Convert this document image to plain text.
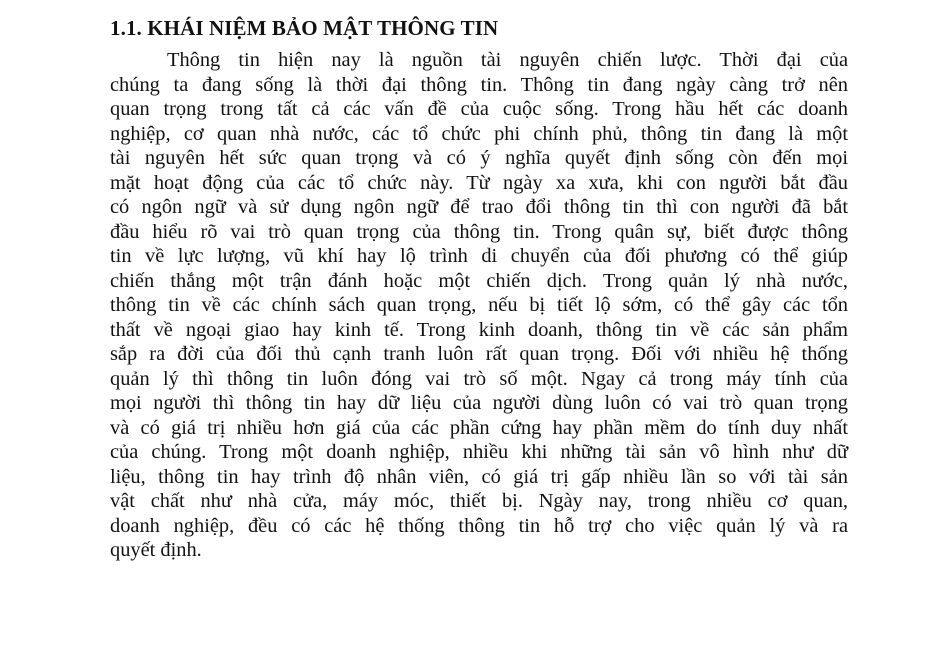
1.1. KHÁI NIỆM BẢO MẬT THÔNG TIN
Thông tin hiện nay là nguồn tài nguyên chiến lược. Thời đại của
chúng ta đang sống là thời đại thông tin. Thông tin đang ngày càng trở nên
quan trọng trong tất cả các vấn đề của cuộc sống. Trong hầu hết các doanh
nghiệp, cơ quan nhà nước, các tổ chức phi chính phủ, thông tin đang là một
tài nguyên hết sức quan trọng và có ý nghĩa quyết định sống còn đến mọi
mặt hoạt động của các tổ chức này. Từ ngày xa xưa, khi con người bắt đầu
có ngôn ngữ và sử dụng ngôn ngữ để trao đổi thông tin thì con người đã bắt
đầu hiểu rõ vai trò quan trọng của thông tin. Trong quân sự, biết được thông
tin về lực lượng, vũ khí hay lộ trình di chuyển của đối phương có thể giúp
chiến thắng một trận đánh hoặc một chiến dịch. Trong quản lý nhà nước,
thông tin về các chính sách quan trọng, nếu bị tiết lộ sớm, có thể gây các tổn
thất về ngoại giao hay kinh tế. Trong kinh doanh, thông tin về các sản phẩm
sắp ra đời của đối thủ cạnh tranh luôn rất quan trọng. Đối với nhiều hệ thống
quản lý thì thông tin luôn đóng vai trò số một. Ngay cả trong máy tính của
mọi người thì thông tin hay dữ liệu của người dùng luôn có vai trò quan trọng
và có giá trị nhiều hơn giá của các phần cứng hay phần mềm do tính duy nhất
của chúng. Trong một doanh nghiệp, nhiều khi những tài sản vô hình như dữ
liệu, thông tin hay trình độ nhân viên, có giá trị gấp nhiều lần so với tài sản
vật chất như nhà cửa, máy móc, thiết bị. Ngày nay, trong nhiều cơ quan,
doanh nghiệp, đều có các hệ thống thông tin hỗ trợ cho việc quản lý và ra
quyết định.
